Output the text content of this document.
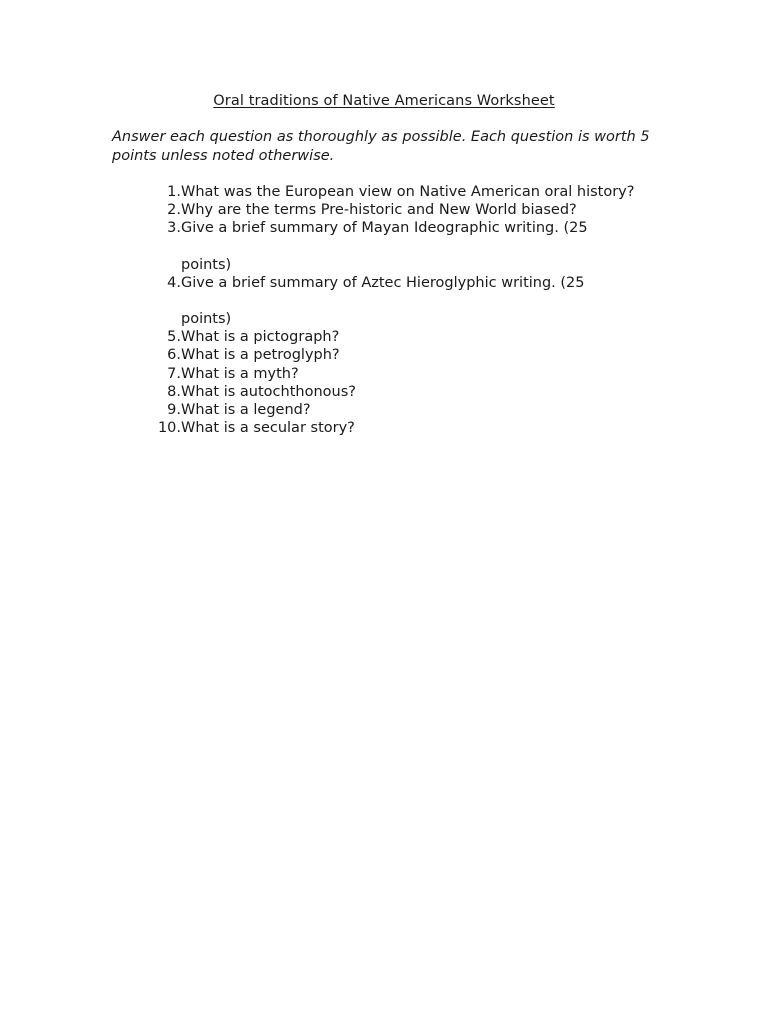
Oral traditions of Native Americans Worksheet

Answer each question as thoroughly as possible. Each question is worth 5 points unless noted otherwise.

1. What was the European view on Native American oral history?
2. Why are the terms Pre-historic and New World biased?
3. Give a brief summary of Mayan Ideographic writing. (25
points)
4. Give a brief summary of Aztec Hieroglyphic writing. (25
points)
5. What is a pictograph?
6. What is a petroglyph?
7. What is a myth?
8. What is autochthonous?
9. What is a legend?
10. What is a secular story?
